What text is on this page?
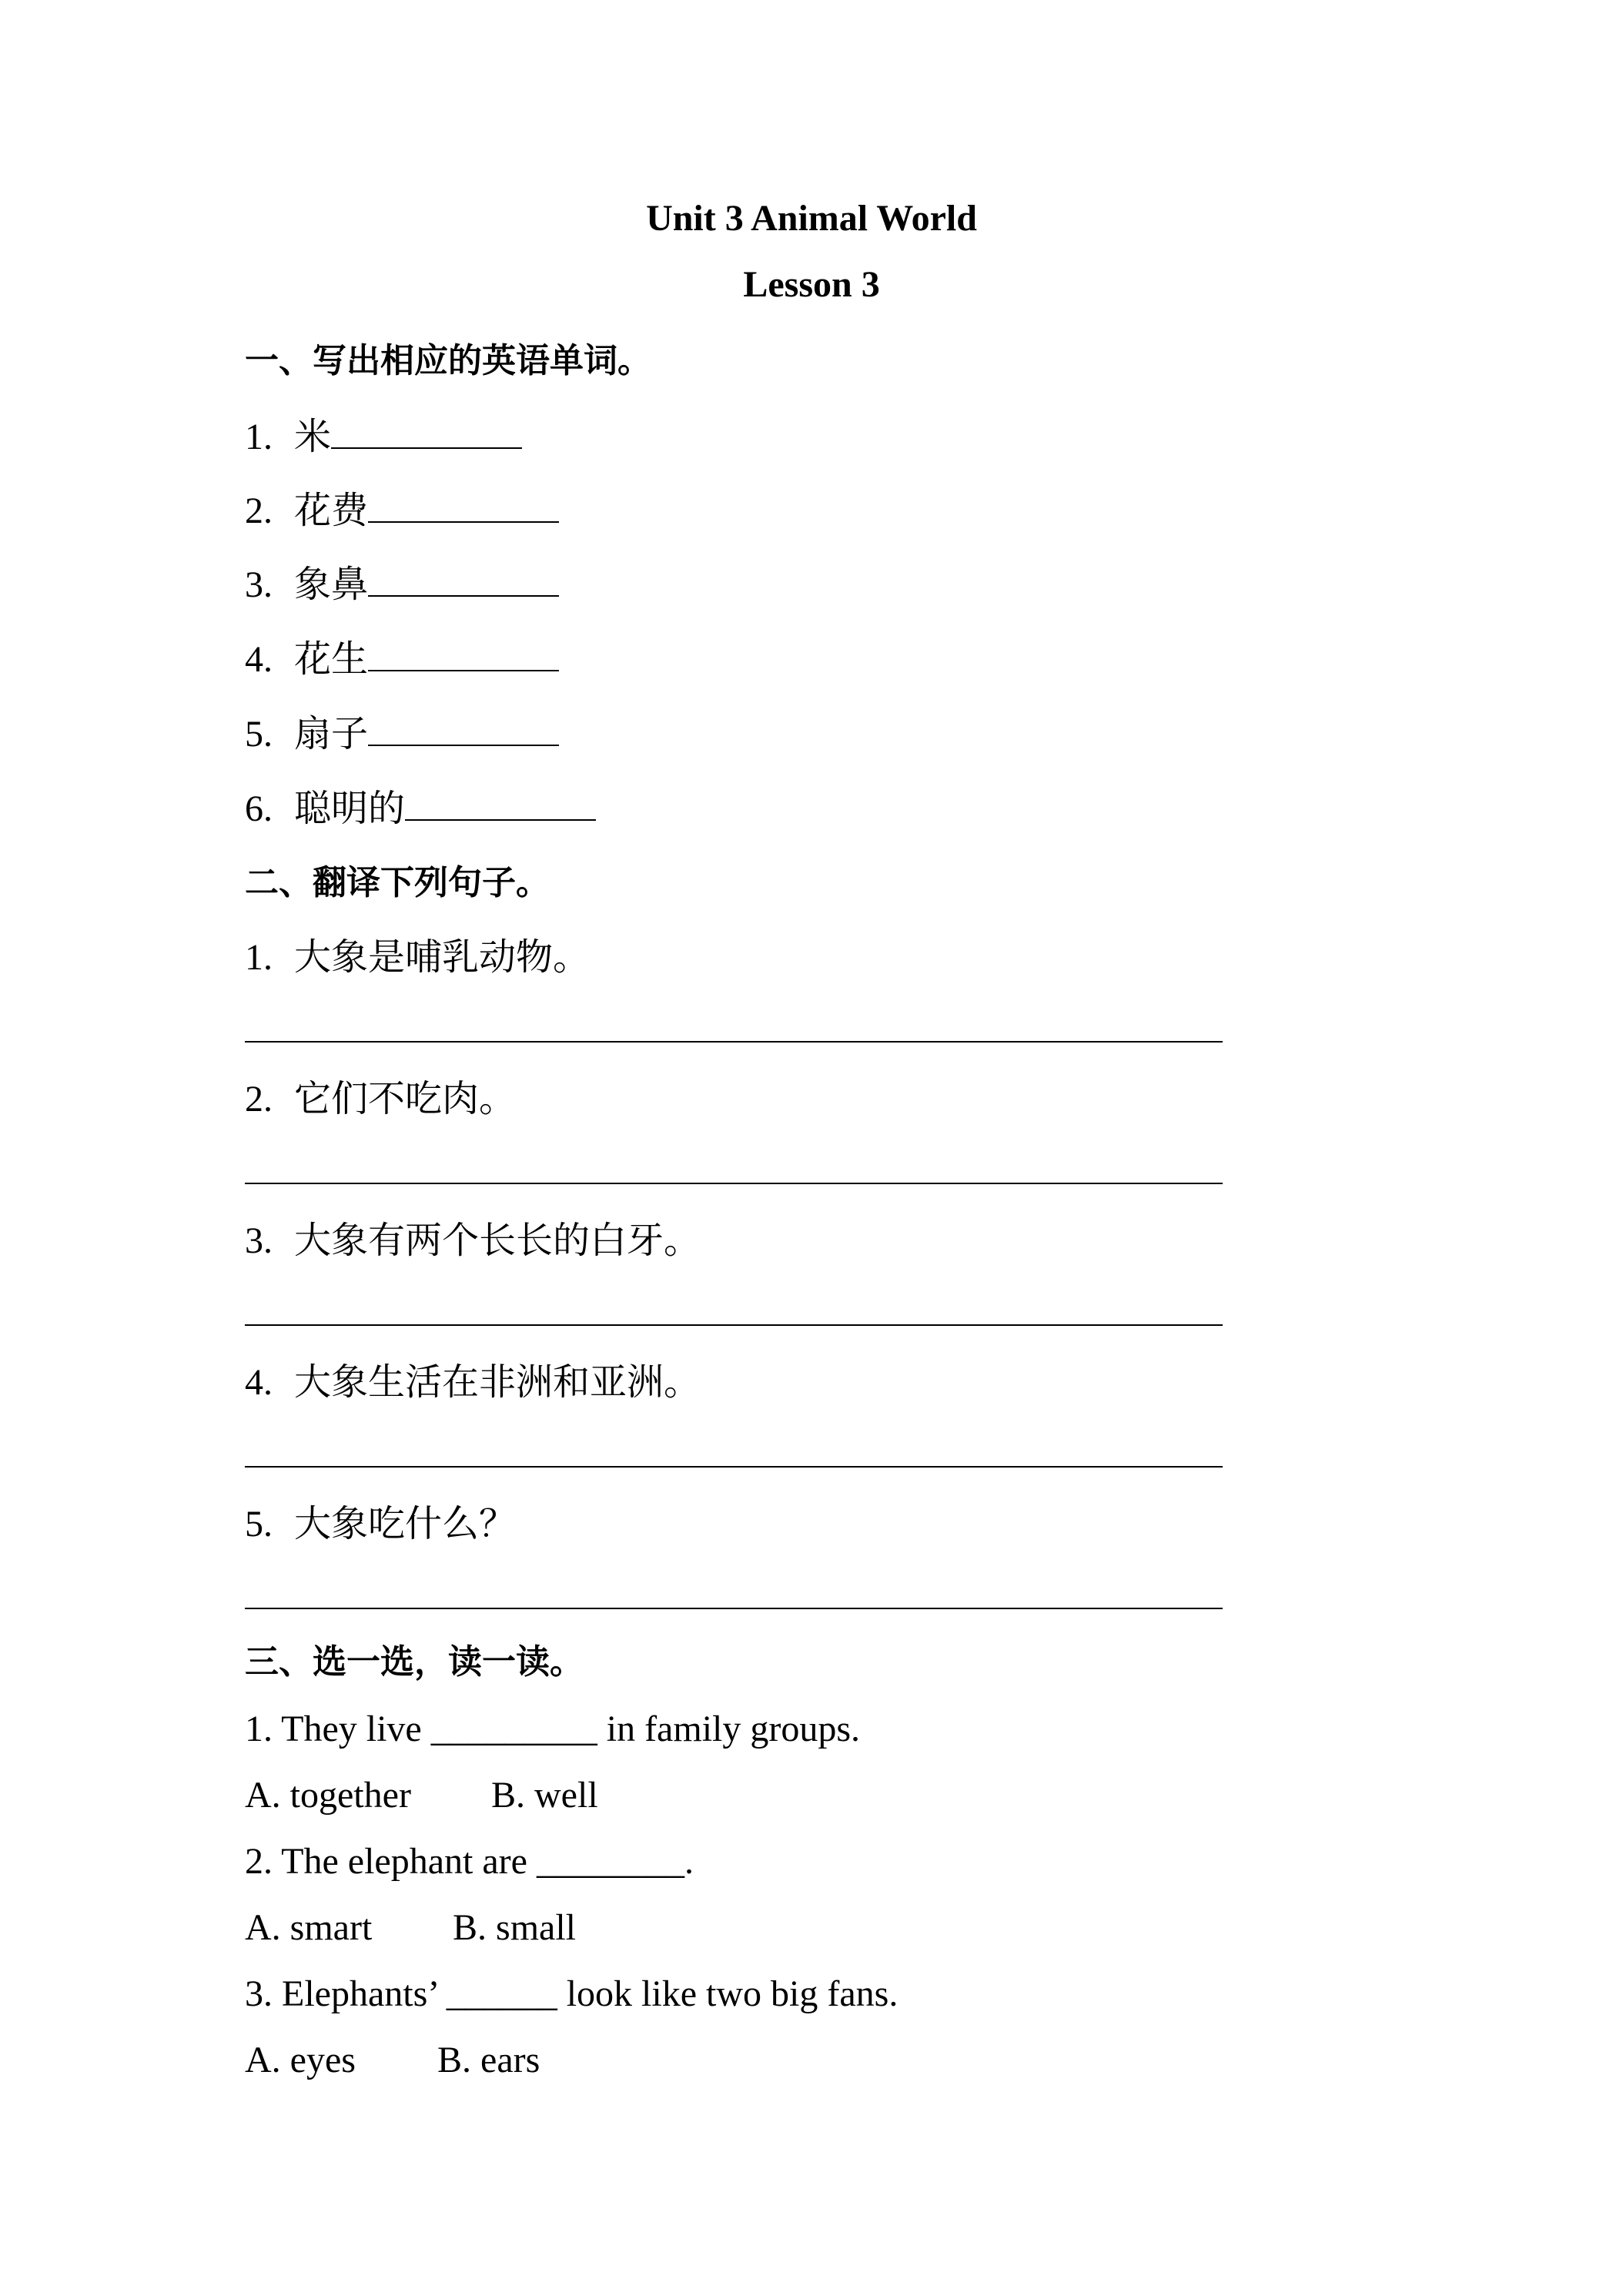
Unit 3 Animal World
Lesson 3
一、写出相应的英语单词。
1. 米
2. 花费
3. 象鼻
4. 花生
5. 扇子
6. 聪明的
二、翻译下列句子。
1. 大象是哺乳动物。
2. 它们不吃肉。
3. 大象有两个长长的白牙。
4. 大象生活在非洲和亚洲。
5. 大象吃什么？
三、选一选，读一读。
1. They live _________ in family groups.
A. together B. well
2. The elephant are ________.
A. smart B. small
3. Elephants’ ______ look like two big fans.
A. eyes B. ears
